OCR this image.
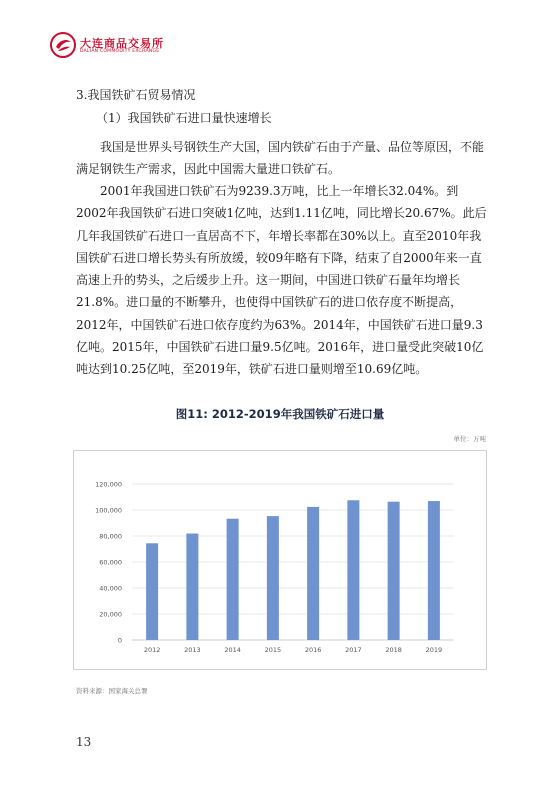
大连商品交易所
DALIAN COMMODITY EXCHANGE
3.我国铁矿石贸易情况
（1）我国铁矿石进口量快速增长
我国是世界头号钢铁生产大国，国内铁矿石由于产量、品位等原因，不能满足钢铁生产需求，因此中国需大量进口铁矿石。
2001年我国进口铁矿石为9239.3万吨，比上一年增长32.04%。到2002年我国铁矿石进口突破1亿吨，达到1.11亿吨，同比增长20.67%。此后几年我国铁矿石进口一直居高不下，年增长率都在30%以上。直至2010年我国铁矿石进口增长势头有所放缓，较09年略有下降，结束了自2000年来一直高速上升的势头，之后缓步上升。这一期间，中国进口铁矿石量年均增长21.8%。进口量的不断攀升，也使得中国铁矿石的进口依存度不断提高，2012年，中国铁矿石进口依存度约为63%。2014年，中国铁矿石进口量9.3亿吨。2015年，中国铁矿石进口量9.5亿吨。2016年，进口量受此突破10亿吨达到10.25亿吨，至2019年，铁矿石进口量则增至10.69亿吨。
图11: 2012-2019年我国铁矿石进口量
单位：万吨
0
20,000
40,000
60,000
80,000
100,000
120,000
2012	2013	2014	2015	2016	2017	2018	2019
资料来源：国家海关总署
13
